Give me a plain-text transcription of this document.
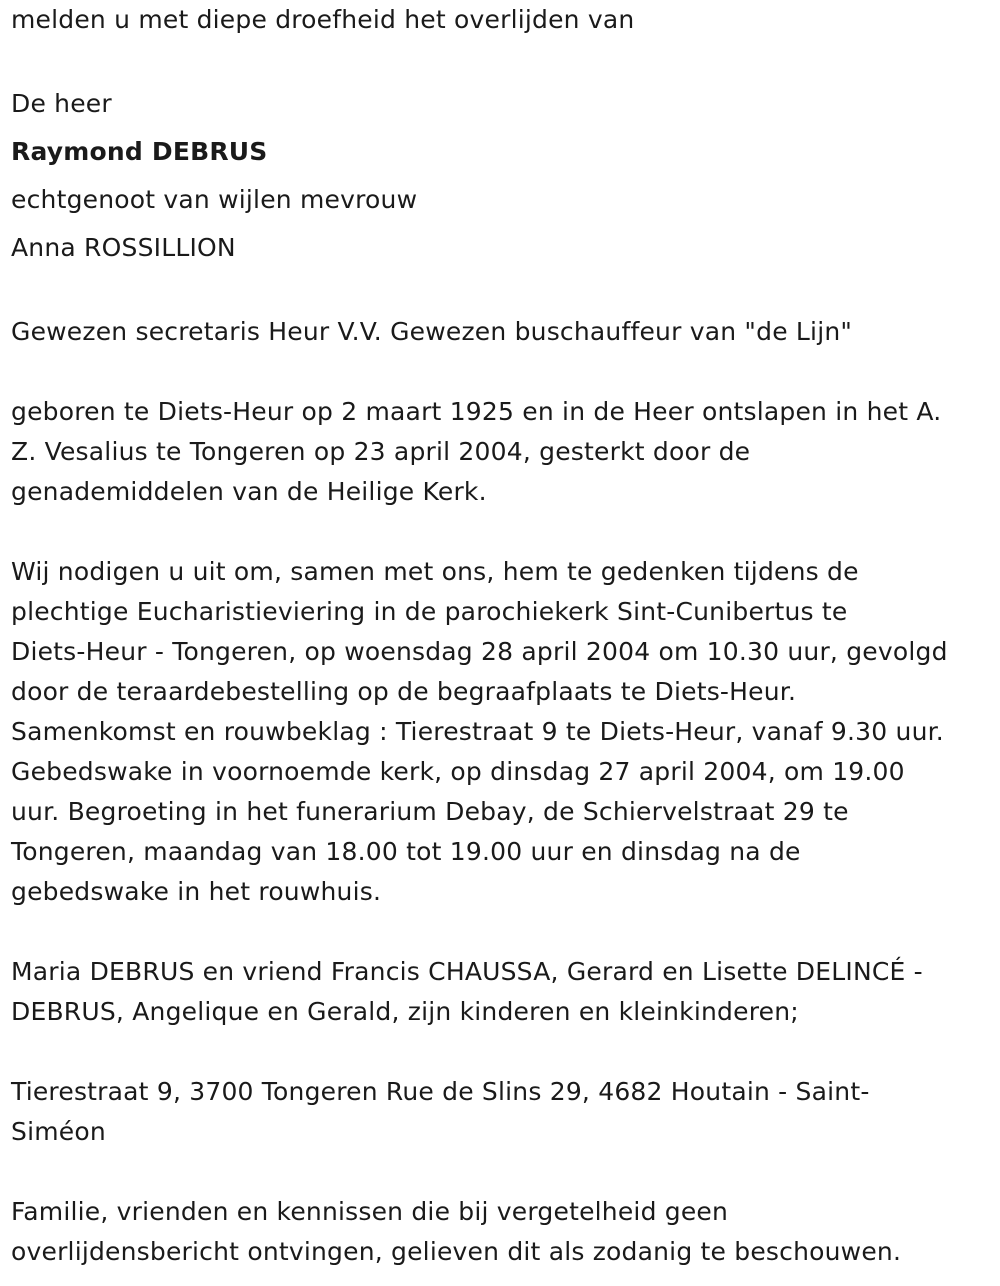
melden u met diepe droefheid het overlijden van
De heer
Raymond DEBRUS
echtgenoot van wijlen mevrouw
Anna ROSSILLION
Gewezen secretaris Heur V.V. Gewezen buschauffeur van "de Lijn"
geboren te Diets-Heur op 2 maart 1925 en in de Heer ontslapen in het A.
Z. Vesalius te Tongeren op 23 april 2004, gesterkt door de
genademiddelen van de Heilige Kerk.
Wij nodigen u uit om, samen met ons, hem te gedenken tijdens de
plechtige Eucharistieviering in de parochiekerk Sint-Cunibertus te
Diets-Heur - Tongeren, op woensdag 28 april 2004 om 10.30 uur, gevolgd
door de teraardebestelling op de begraafplaats te Diets-Heur.
Samenkomst en rouwbeklag : Tierestraat 9 te Diets-Heur, vanaf 9.30 uur.
Gebedswake in voornoemde kerk, op dinsdag 27 april 2004, om 19.00
uur. Begroeting in het funerarium Debay, de Schiervelstraat 29 te
Tongeren, maandag van 18.00 tot 19.00 uur en dinsdag na de
gebedswake in het rouwhuis.
Maria DEBRUS en vriend Francis CHAUSSA, Gerard en Lisette DELINCÉ -
DEBRUS, Angelique en Gerald, zijn kinderen en kleinkinderen;
Tierestraat 9, 3700 Tongeren Rue de Slins 29, 4682 Houtain - Saint-
Siméon
Familie, vrienden en kennissen die bij vergetelheid geen
overlijdensbericht ontvingen, gelieven dit als zodanig te beschouwen.
